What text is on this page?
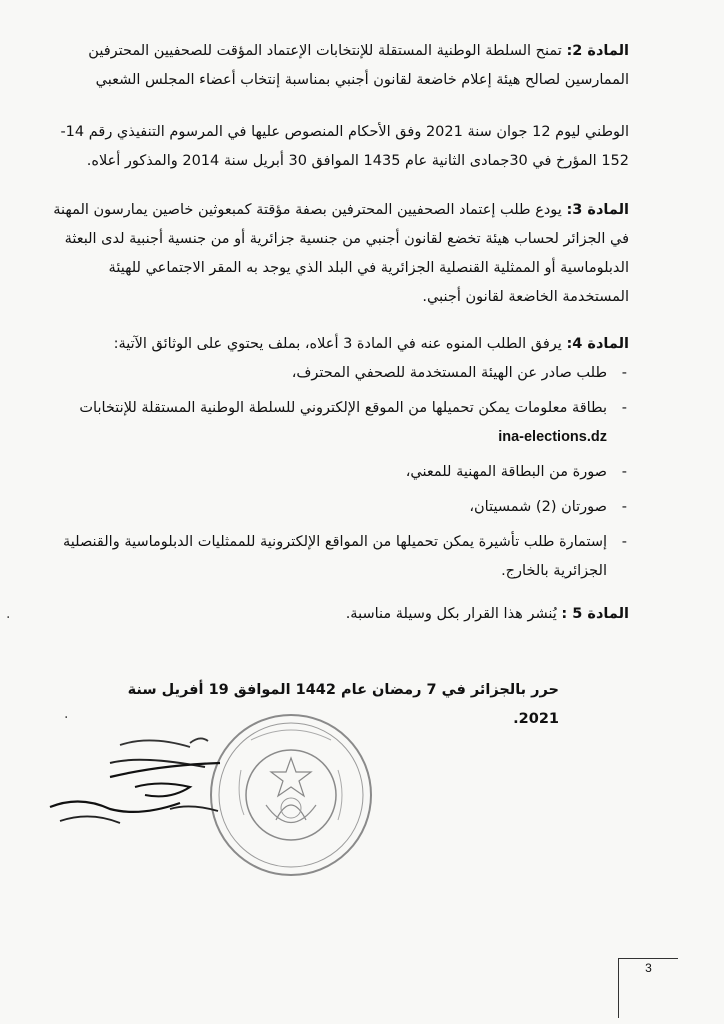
المادة 2: تمنح السلطة الوطنية المستقلة للإنتخابات الإعتماد المؤقت للصحفيين المحترفين الممارسين لصالح هيئة إعلام خاضعة لقانون أجنبي بمناسبة إنتخاب أعضاء المجلس الشعبي

الوطني ليوم 12 جوان سنة 2021 وفق الأحكام المنصوص عليها في المرسوم التنفيذي رقم 14-152 المؤرخ في 30جمادى الثانية عام 1435 الموافق 30 أبريل سنة 2014 والمذكور أعلاه.

المادة 3: يودع طلب إعتماد الصحفيين المحترفين بصفة مؤقتة كمبعوثين خاصين يمارسون المهنة في الجزائر لحساب هيئة تخضع لقانون أجنبي من جنسية جزائرية أو من جنسية أجنبية لدى البعثة الدبلوماسية أو الممثلية القنصلية الجزائرية في البلد الذي يوجد به المقر الاجتماعي للهيئة المستخدمة الخاضعة لقانون أجنبي.

المادة 4: يرفق الطلب المنوه عنه في المادة 3 أعلاه، بملف يحتوي على الوثائق الآتية:

- طلب صادر عن الهيئة المستخدمة للصحفي المحترف،
- بطاقة معلومات يمكن تحميلها من الموقع الإلكتروني للسلطة الوطنية المستقلة للإنتخابات
ina-elections.dz
- صورة من البطاقة المهنية للمعني،
- صورتان (2) شمسيتان،
- إستمارة طلب تأشيرة يمكن تحميلها من المواقع الإلكترونية للممثليات الدبلوماسية والقنصلية الجزائرية بالخارج.

المادة 5 : يُنشر هذا القرار بكل وسيلة مناسبة.

حرر بالجزائر في 7 رمضان عام 1442 الموافق 19 أفريل سنة 2021.
3
·
·
